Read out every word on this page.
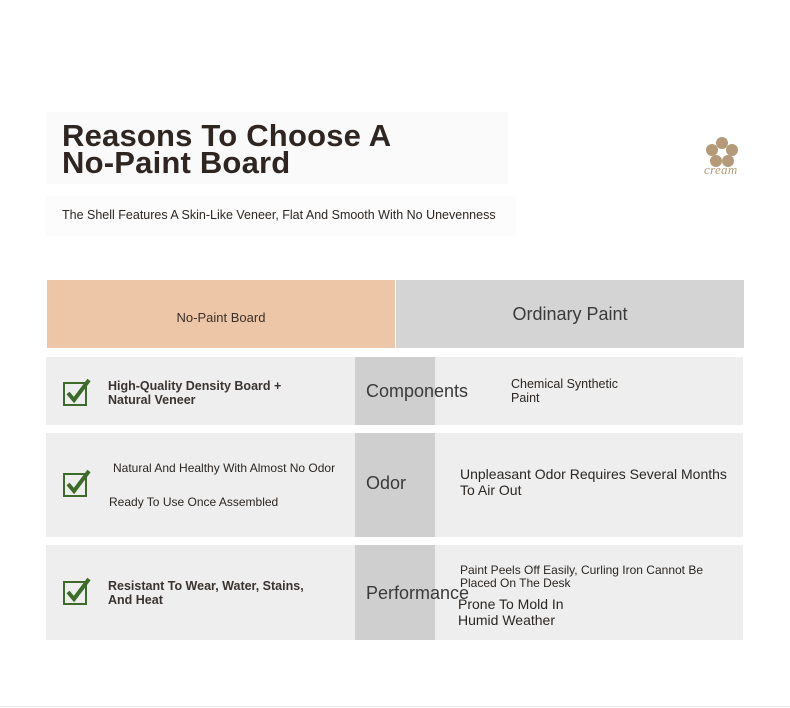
Reasons To Choose A
No-Paint Board
The Shell Features A Skin-Like Veneer, Flat And Smooth With No Unevenness
cream
No-Paint Board	Ordinary Paint
High-Quality Density Board +
Natural Veneer	Components	Chemical Synthetic
Paint
Natural And Healthy With Almost No Odor
Ready To Use Once Assembled
Odor	Unpleasant Odor Requires Several Months
To Air Out
Resistant To Wear, Water, Stains,
And Heat	Performance
Paint Peels Off Easily, Curling Iron Cannot Be
Placed On The Desk
Prone To Mold In
Humid Weather
